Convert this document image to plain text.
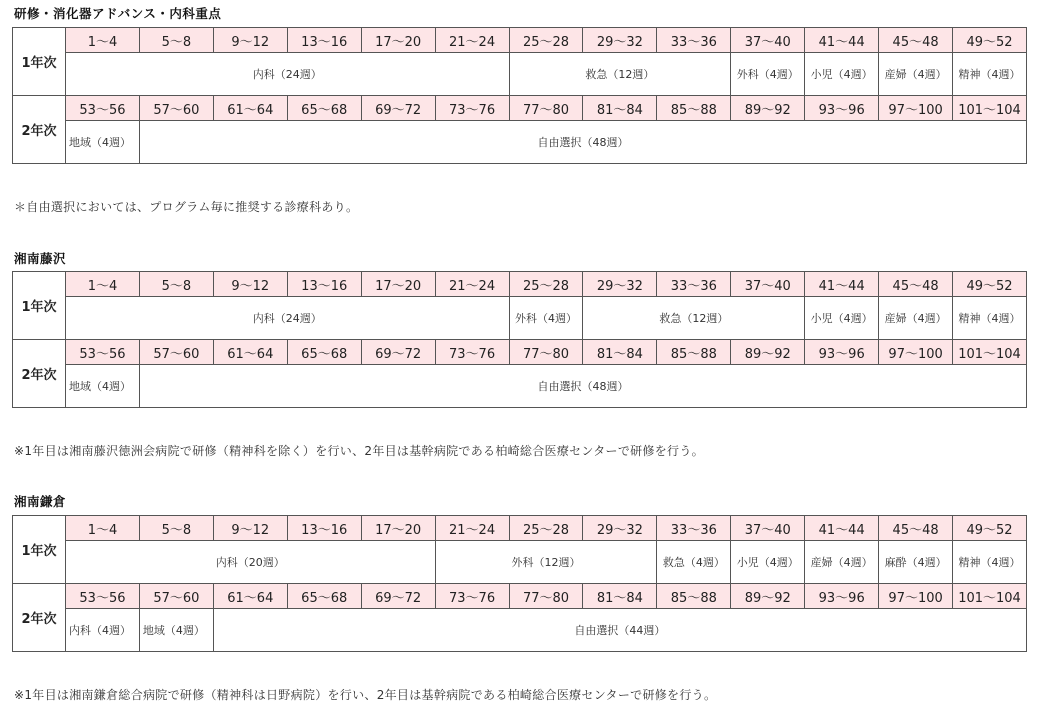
研修・消化器アドバンス・内科重点
1年次	1～4	5～8	9～12	13～16	17～20	21～24	25～28	29～32	33～36	37～40	41～44	45～48	49～52
	内科（24週）						救急（12週）			外科（4週）	小児（4週）	産婦（4週）	精神（4週）
2年次	53～56	57～60	61～64	65～68	69～72	73～76	77～80	81～84	85～88	89～92	93～96	97～100	101～104
	地域（4週）	自由選択（48週）											
＊自由選択においては、プログラム毎に推奨する診療科あり。
湘南藤沢
1年次	1～4	5～8	9～12	13～16	17～20	21～24	25～28	29～32	33～36	37～40	41～44	45～48	49～52
	内科（24週）						外科（4週）	救急（12週）			小児（4週）	産婦（4週）	精神（4週）
2年次	53～56	57～60	61～64	65～68	69～72	73～76	77～80	81～84	85～88	89～92	93～96	97～100	101～104
	地域（4週）	自由選択（48週）											
※1年目は湘南藤沢徳洲会病院で研修（精神科を除く）を行い、2年目は基幹病院である柏崎総合医療センターで研修を行う。
湘南鎌倉
1年次	1～4	5～8	9～12	13～16	17～20	21～24	25～28	29～32	33～36	37～40	41～44	45～48	49～52
	内科（20週）					外科（12週）			救急（4週）	小児（4週）	産婦（4週）	麻酔（4週）	精神（4週）
2年次	53～56	57～60	61～64	65～68	69～72	73～76	77～80	81～84	85～88	89～92	93～96	97～100	101～104
	内科（4週）	地域（4週）	自由選択（44週）										
※1年目は湘南鎌倉総合病院で研修（精神科は日野病院）を行い、2年目は基幹病院である柏崎総合医療センターで研修を行う。
